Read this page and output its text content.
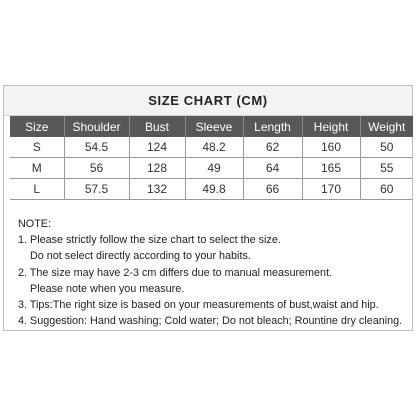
SIZE CHART (CM)
Size	Shoulder	Bust	Sleeve	Length	Height	Weight
S	54.5	124	48.2	62	160	50
M	56	128	49	64	165	55
L	57.5	132	49.8	66	170	60
NOTE:
1. Please strictly follow the size chart to select the size.
Do not select directly according to your habits.
2. The size may have 2-3 cm differs due to manual measurement.
Please note when you measure.
3. Tips:The right size is based on your measurements of bust,waist and hip.
4. Suggestion: Hand washing; Cold water; Do not bleach; Rountine dry cleaning.
